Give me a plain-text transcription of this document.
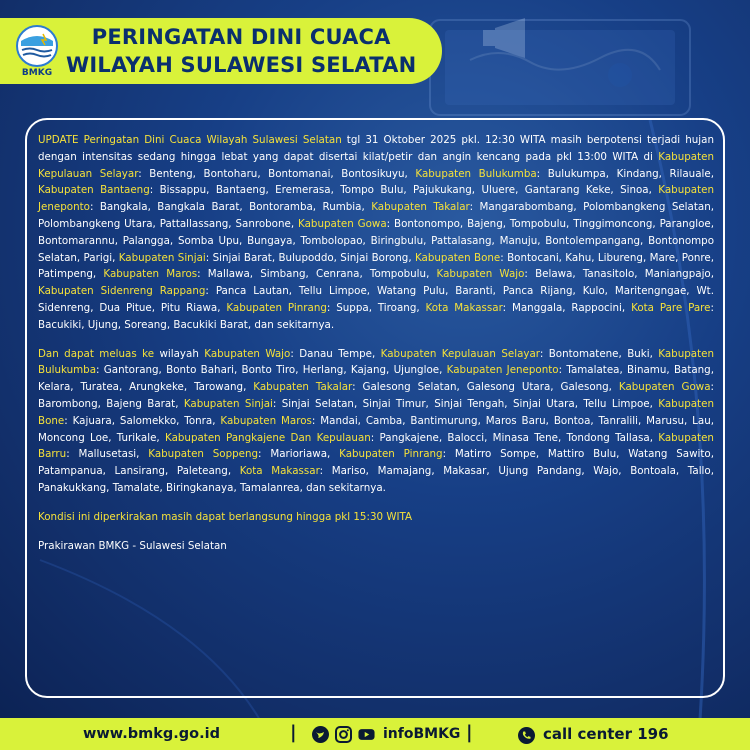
BMKG
PERINGATAN DINI CUACA
WILAYAH SULAWESI SELATAN

UPDATE Peringatan Dini Cuaca Wilayah Sulawesi Selatan tgl 31 Oktober 2025 pkl. 12:30 WITA masih berpotensi terjadi hujan dengan intensitas sedang hingga lebat yang dapat disertai kilat/petir dan angin kencang pada pkl 13:00 WITA di Kabupaten Kepulauan Selayar: Benteng, Bontoharu, Bontomanai, Bontosikuyu, Kabupaten Bulukumba: Bulukumpa, Kindang, Rilauale, Kabupaten Bantaeng: Bissappu, Bantaeng, Eremerasa, Tompo Bulu, Pajukukang, Uluere, Gantarang Keke, Sinoa, Kabupaten Jeneponto: Bangkala, Bangkala Barat, Bontoramba, Rumbia, Kabupaten Takalar: Mangarabombang, Polombangkeng Selatan, Polombangkeng Utara, Pattallassang, Sanrobone, Kabupaten Gowa: Bontonompo, Bajeng, Tompobulu, Tinggimoncong, Parangloe, Bontomarannu, Palangga, Somba Upu, Bungaya, Tombolopao, Biringbulu, Pattalasang, Manuju, Bontolempangang, Bontonompo Selatan, Parigi, Kabupaten Sinjai: Sinjai Barat, Bulupoddo, Sinjai Borong, Kabupaten Bone: Bontocani, Kahu, Libureng, Mare, Ponre, Patimpeng, Kabupaten Maros: Mallawa, Simbang, Cenrana, Tompobulu, Kabupaten Wajo: Belawa, Tanasitolo, Maniangpajo, Kabupaten Sidenreng Rappang: Panca Lautan, Tellu Limpoe, Watang Pulu, Baranti, Panca Rijang, Kulo, Maritengngae, Wt. Sidenreng, Dua Pitue, Pitu Riawa, Kabupaten Pinrang: Suppa, Tiroang, Kota Makassar: Manggala, Rappocini, Kota Pare Pare: Bacukiki, Ujung, Soreang, Bacukiki Barat, dan sekitarnya.

Dan dapat meluas ke wilayah Kabupaten Wajo: Danau Tempe, Kabupaten Kepulauan Selayar: Bontomatene, Buki, Kabupaten Bulukumba: Gantorang, Bonto Bahari, Bonto Tiro, Herlang, Kajang, Ujungloe, Kabupaten Jeneponto: Tamalatea, Binamu, Batang, Kelara, Turatea, Arungkeke, Tarowang, Kabupaten Takalar: Galesong Selatan, Galesong Utara, Galesong, Kabupaten Gowa: Barombong, Bajeng Barat, Kabupaten Sinjai: Sinjai Selatan, Sinjai Timur, Sinjai Tengah, Sinjai Utara, Tellu Limpoe, Kabupaten Bone: Kajuara, Salomekko, Tonra, Kabupaten Maros: Mandai, Camba, Bantimurung, Maros Baru, Bontoa, Tanralili, Marusu, Lau, Moncong Loe, Turikale, Kabupaten Pangkajene Dan Kepulauan: Pangkajene, Balocci, Minasa Tene, Tondong Tallasa, Kabupaten Barru: Mallusetasi, Kabupaten Soppeng: Marioriawa, Kabupaten Pinrang: Matirro Sompe, Mattiro Bulu, Watang Sawito, Patampanua, Lansirang, Paleteang, Kota Makassar: Mariso, Mamajang, Makasar, Ujung Pandang, Wajo, Bontoala, Tallo, Panakukkang, Tamalate, Biringkanaya, Tamalanrea, dan sekitarnya.

Kondisi ini diperkirakan masih dapat berlangsung hingga pkl 15:30 WITA

Prakirawan BMKG - Sulawesi Selatan

www.bmkg.go.id	|	infoBMKG |	call center 196
